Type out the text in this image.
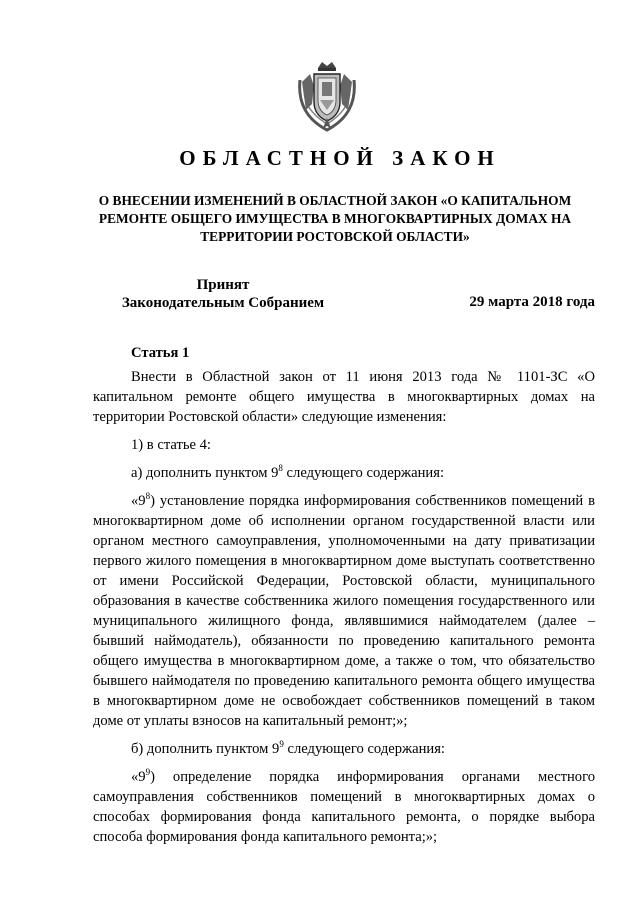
ОБЛАСТНОЙ ЗАКОН
О ВНЕСЕНИИ ИЗМЕНЕНИЙ В ОБЛАСТНОЙ ЗАКОН «О КАПИТАЛЬНОМ РЕМОНТЕ ОБЩЕГО ИМУЩЕСТВА В МНОГОКВАРТИРНЫХ ДОМАХ НА ТЕРРИТОРИИ РОСТОВСКОЙ ОБЛАСТИ»
Принят
Законодательным Собранием	29 марта 2018 года
Статья 1

Внести в Областной закон от 11 июня 2013 года № 1101-ЗС «О капитальном ремонте общего имущества в многоквартирных домах на территории Ростовской области» следующие изменения:

1) в статье 4:

а) дополнить пунктом $9^8$ следующего содержания:

«$9^8$) установление порядка информирования собственников помещений в многоквартирном доме об исполнении органом государственной власти или органом местного самоуправления, уполномоченными на дату приватизации первого жилого помещения в многоквартирном доме выступать соответственно от имени Российской Федерации, Ростовской области, муниципального образования в качестве собственника жилого помещения государственного или муниципального жилищного фонда, являвшимися наймодателем (далее – бывший наймодатель), обязанности по проведению капитального ремонта общего имущества в многоквартирном доме, а также о том, что обязательство бывшего наймодателя по проведению капитального ремонта общего имущества в многоквартирном доме не освобождает собственников помещений в таком доме от уплаты взносов на капитальный ремонт;»;

б) дополнить пунктом $9^9$ следующего содержания:

«$9^9$) определение порядка информирования органами местного самоуправления собственников помещений в многоквартирных домах о способах формирования фонда капитального ремонта, о порядке выбора способа формирования фонда капитального ремонта;»;
